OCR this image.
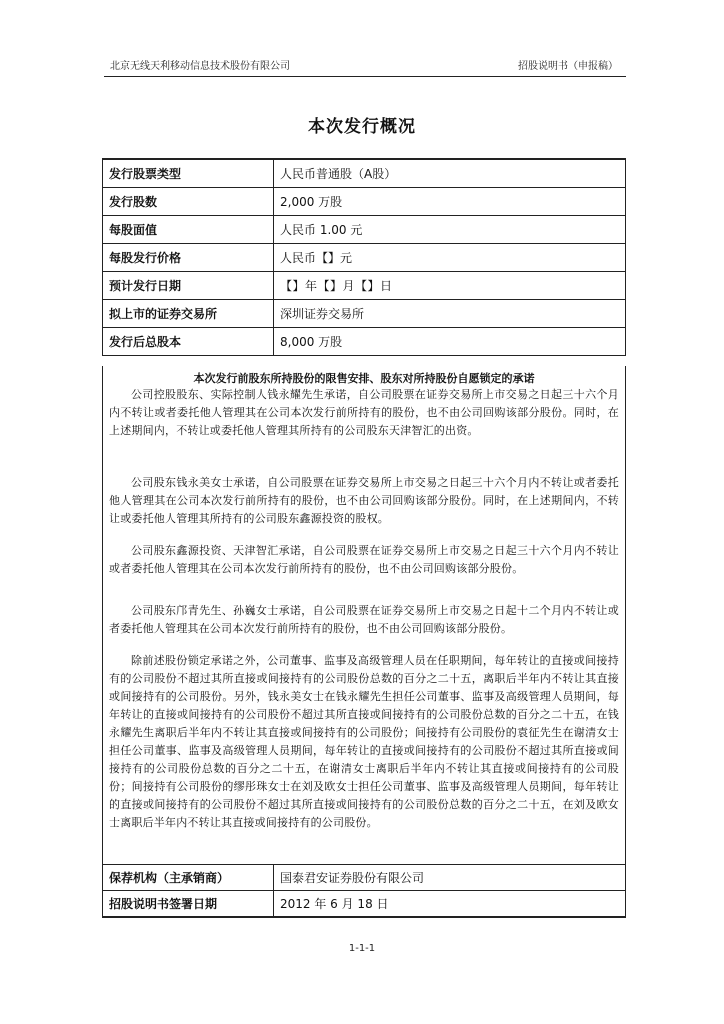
北京无线天利移动信息技术股份有限公司	招股说明书（申报稿）
本次发行概况
发行股票类型	人民币普通股（A股）
发行股数	2,000 万股
每股面值	人民币 1.00 元
每股发行价格	人民币【】元
预计发行日期	【】年【】月【】日
拟上市的证券交易所	深圳证券交易所
发行后总股本	8,000 万股
本次发行前股东所持股份的限售安排、股东对所持股份自愿锁定的承诺

公司控股股东、实际控制人钱永耀先生承诺，自公司股票在证券交易所上市交易之日起三十六个月内不转让或者委托他人管理其在公司本次发行前所持有的股份，也不由公司回购该部分股份。同时，在上述期间内，不转让或委托他人管理其所持有的公司股东天津智汇的出资。

公司股东钱永美女士承诺，自公司股票在证券交易所上市交易之日起三十六个月内不转让或者委托他人管理其在公司本次发行前所持有的股份，也不由公司回购该部分股份。同时，在上述期间内，不转让或委托他人管理其所持有的公司股东鑫源投资的股权。

公司股东鑫源投资、天津智汇承诺，自公司股票在证券交易所上市交易之日起三十六个月内不转让或者委托他人管理其在公司本次发行前所持有的股份，也不由公司回购该部分股份。

公司股东邝青先生、孙巍女士承诺，自公司股票在证券交易所上市交易之日起十二个月内不转让或者委托他人管理其在公司本次发行前所持有的股份，也不由公司回购该部分股份。

除前述股份锁定承诺之外，公司董事、监事及高级管理人员在任职期间，每年转让的直接或间接持有的公司股份不超过其所直接或间接持有的公司股份总数的百分之二十五，离职后半年内不转让其直接或间接持有的公司股份。另外，钱永美女士在钱永耀先生担任公司董事、监事及高级管理人员期间，每年转让的直接或间接持有的公司股份不超过其所直接或间接持有的公司股份总数的百分之二十五，在钱永耀先生离职后半年内不转让其直接或间接持有的公司股份；间接持有公司股份的袁征先生在谢清女士担任公司董事、监事及高级管理人员期间，每年转让的直接或间接持有的公司股份不超过其所直接或间接持有的公司股份总数的百分之二十五，在谢清女士离职后半年内不转让其直接或间接持有的公司股份；间接持有公司股份的缪彤珠女士在刘及欧女士担任公司董事、监事及高级管理人员期间，每年转让的直接或间接持有的公司股份不超过其所直接或间接持有的公司股份总数的百分之二十五，在刘及欧女士离职后半年内不转让其直接或间接持有的公司股份。

保荐机构（主承销商）	国泰君安证券股份有限公司
招股说明书签署日期	2012 年 6 月 18 日
1-1-1
